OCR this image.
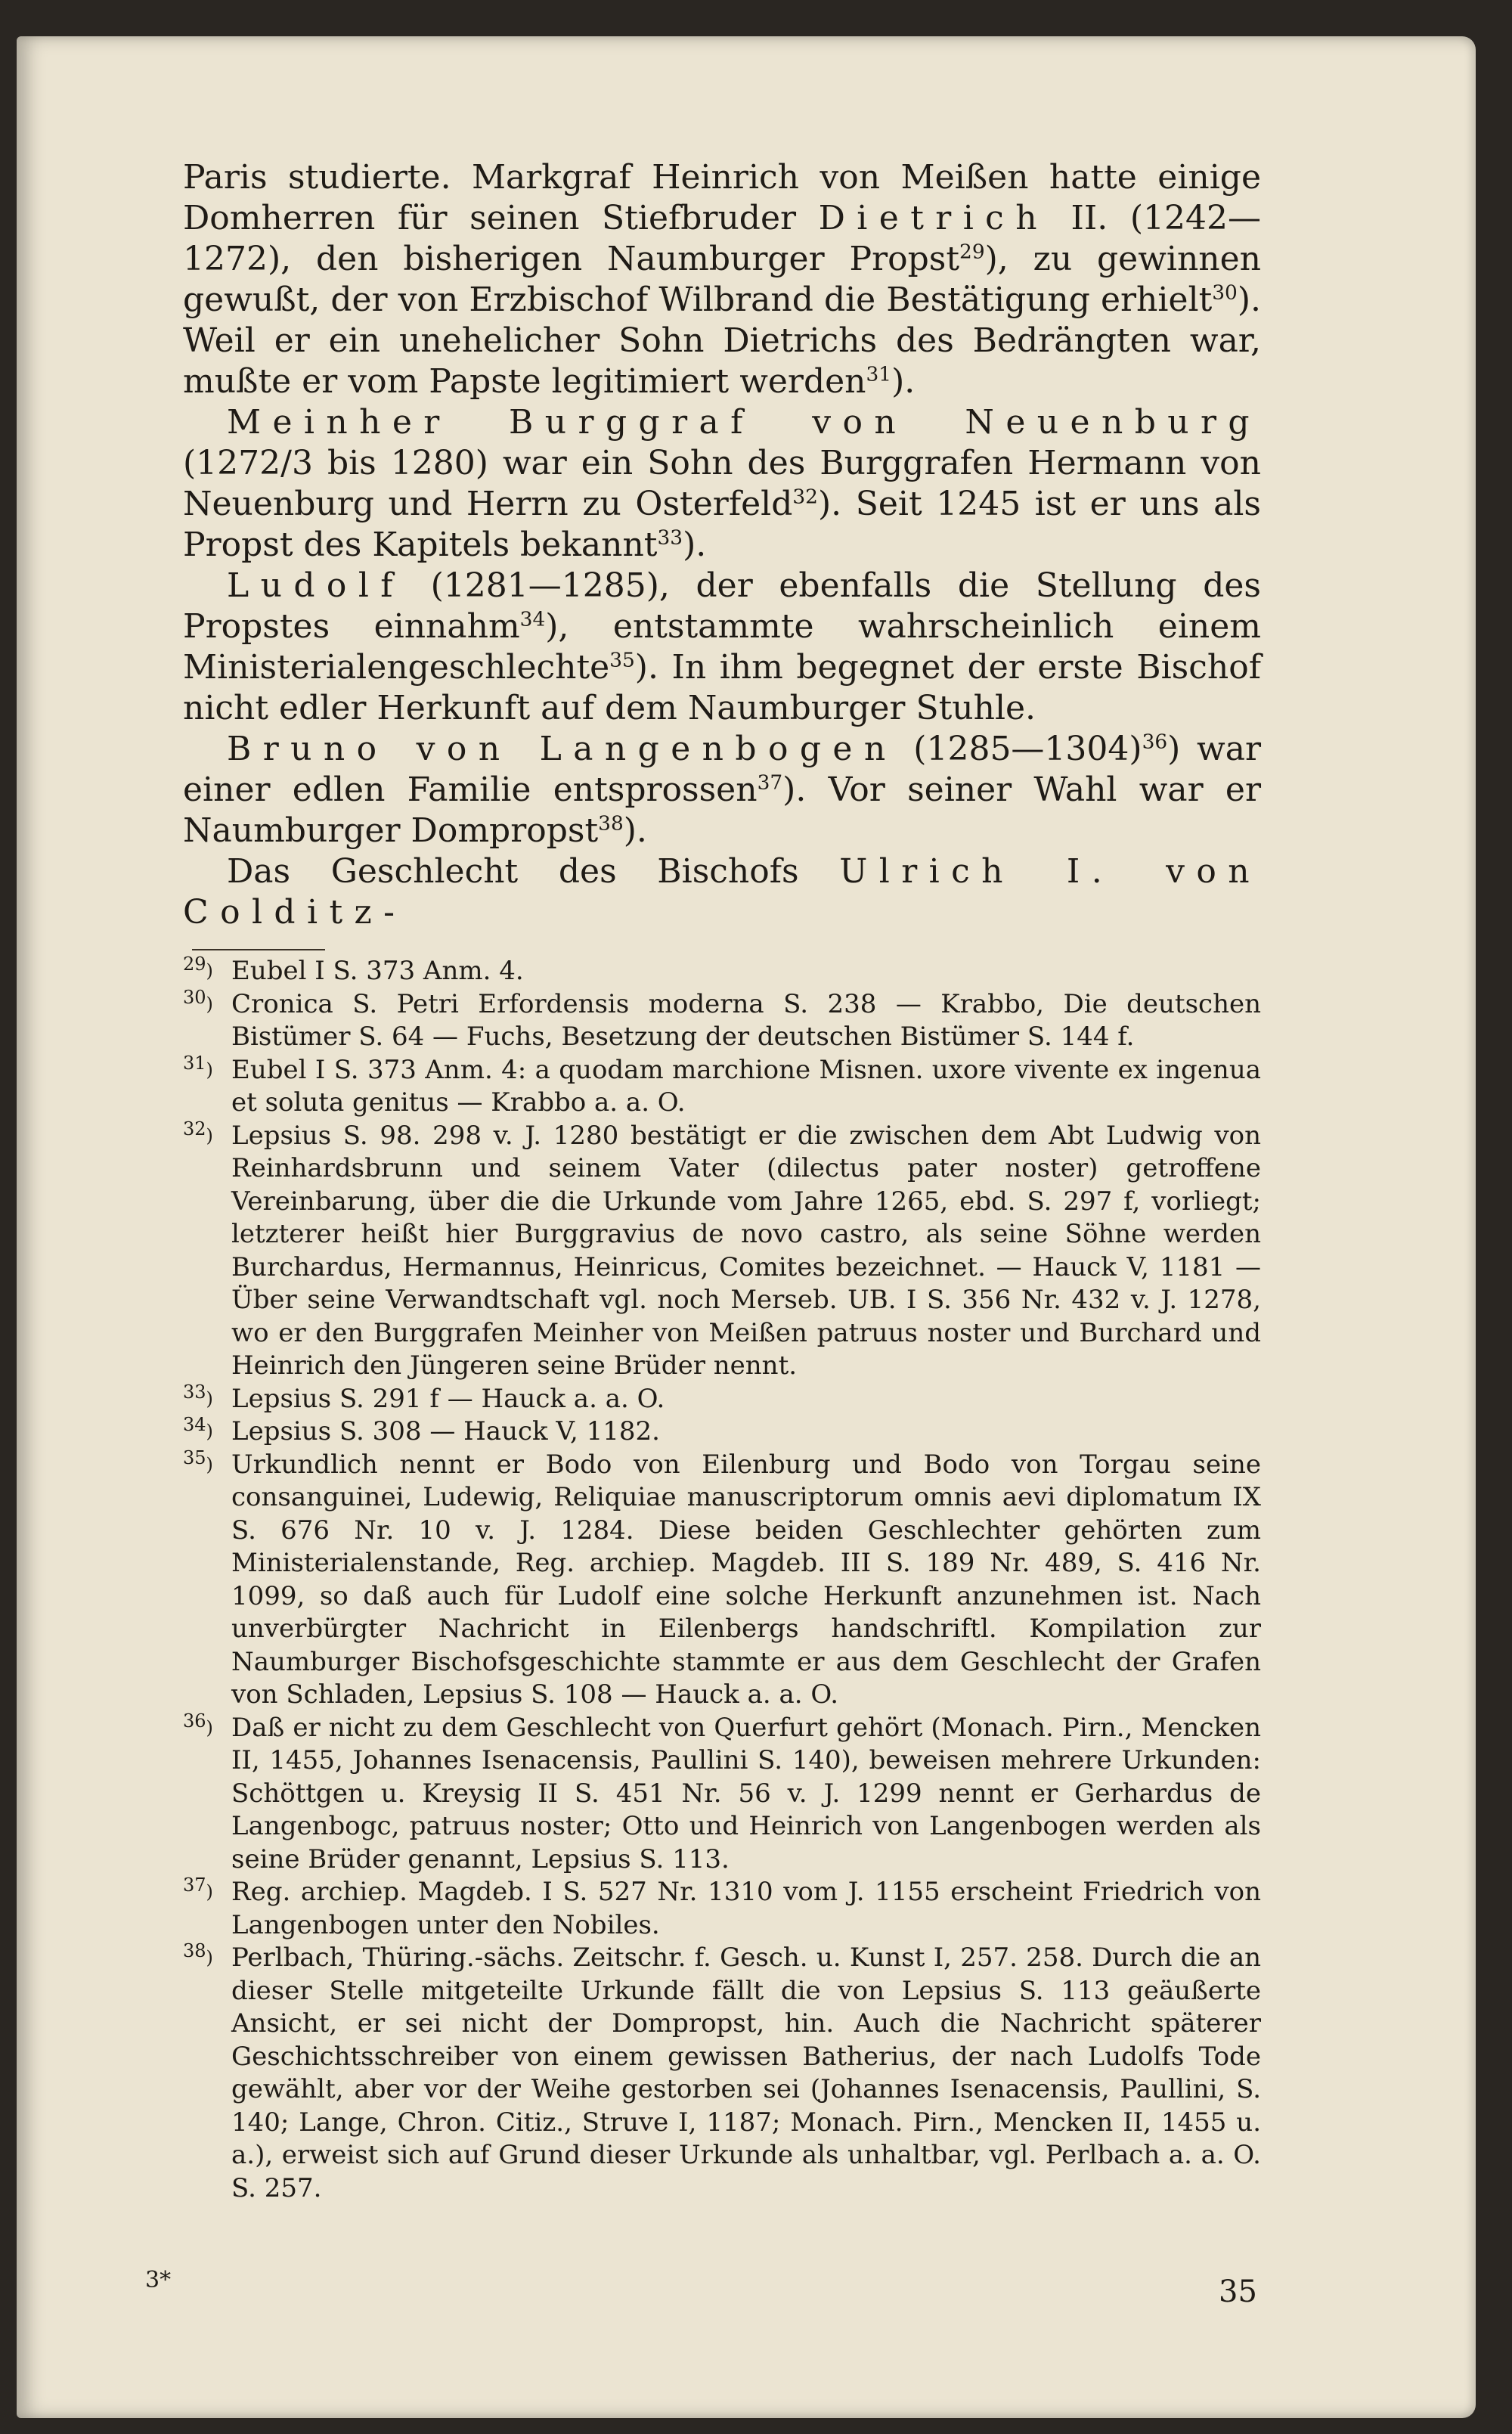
Paris studierte. Markgraf Heinrich von Meißen hatte einige Domherren für seinen Stiefbruder Dietrich II. (1242—1272), den bisherigen Naumburger Propst$^{29}$), zu gewinnen gewußt, der von Erzbischof Wilbrand die Bestätigung erhielt$^{30}$). Weil er ein unehelicher Sohn Dietrichs des Bedrängten war, mußte er vom Papste legitimiert werden$^{31}$).

Meinher Burggraf von Neuenburg (1272/3 bis 1280) war ein Sohn des Burggrafen Hermann von Neuenburg und Herrn zu Osterfeld$^{32}$). Seit 1245 ist er uns als Propst des Kapitels bekannt$^{33}$).

Ludolf (1281—1285), der ebenfalls die Stellung des Propstes einnahm$^{34}$), entstammte wahrscheinlich einem Ministerialengeschlechte$^{35}$). In ihm begegnet der erste Bischof nicht edler Herkunft auf dem Naumburger Stuhle.

Bruno von Langenbogen (1285—1304)$^{36}$) war einer edlen Familie entsprossen$^{37}$). Vor seiner Wahl war er Naumburger Dompropst$^{38}$).

Das Geschlecht des Bischofs Ulrich I. von Colditz-

$^{29}$) Eubel I S. 373 Anm. 4.
$^{30}$) Cronica S. Petri Erfordensis moderna S. 238 — Krabbo, Die deutschen Bistümer S. 64 — Fuchs, Besetzung der deutschen Bistümer S. 144 f.
$^{31}$) Eubel I S. 373 Anm. 4: a quodam marchione Misnen. uxore vivente ex ingenua et soluta genitus — Krabbo a. a. O.
$^{32}$) Lepsius S. 98. 298 v. J. 1280 bestätigt er die zwischen dem Abt Ludwig von Reinhardsbrunn und seinem Vater (dilectus pater noster) getroffene Vereinbarung, über die die Urkunde vom Jahre 1265, ebd. S. 297 f, vorliegt; letzterer heißt hier Burggravius de novo castro, als seine Söhne werden Burchardus, Hermannus, Heinricus, Comites bezeichnet. — Hauck V, 1181 — Über seine Verwandtschaft vgl. noch Merseb. UB. I S. 356 Nr. 432 v. J. 1278, wo er den Burggrafen Meinher von Meißen patruus noster und Burchard und Heinrich den Jüngeren seine Brüder nennt.
$^{33}$) Lepsius S. 291 f — Hauck a. a. O.
$^{34}$) Lepsius S. 308 — Hauck V, 1182.
$^{35}$) Urkundlich nennt er Bodo von Eilenburg und Bodo von Torgau seine consanguinei, Ludewig, Reliquiae manuscriptorum omnis aevi diplomatum IX S. 676 Nr. 10 v. J. 1284. Diese beiden Geschlechter gehörten zum Ministerialenstande, Reg. archiep. Magdeb. III S. 189 Nr. 489, S. 416 Nr. 1099, so daß auch für Ludolf eine solche Herkunft anzunehmen ist. Nach unverbürgter Nachricht in Eilenbergs handschriftl. Kompilation zur Naumburger Bischofsgeschichte stammte er aus dem Geschlecht der Grafen von Schladen, Lepsius S. 108 — Hauck a. a. O.
$^{36}$) Daß er nicht zu dem Geschlecht von Querfurt gehört (Monach. Pirn., Mencken II, 1455, Johannes Isenacensis, Paullini S. 140), beweisen mehrere Urkunden: Schöttgen u. Kreysig II S. 451 Nr. 56 v. J. 1299 nennt er Gerhardus de Langenbogc, patruus noster; Otto und Heinrich von Langenbogen werden als seine Brüder genannt, Lepsius S. 113.
$^{37}$) Reg. archiep. Magdeb. I S. 527 Nr. 1310 vom J. 1155 erscheint Friedrich von Langenbogen unter den Nobiles.
$^{38}$) Perlbach, Thüring.-sächs. Zeitschr. f. Gesch. u. Kunst I, 257. 258. Durch die an dieser Stelle mitgeteilte Urkunde fällt die von Lepsius S. 113 geäußerte Ansicht, er sei nicht der Dompropst, hin. Auch die Nachricht späterer Geschichtsschreiber von einem gewissen Batherius, der nach Ludolfs Tode gewählt, aber vor der Weihe gestorben sei (Johannes Isenacensis, Paullini, S. 140; Lange, Chron. Citiz., Struve I, 1187; Monach. Pirn., Mencken II, 1455 u. a.), erweist sich auf Grund dieser Urkunde als unhaltbar, vgl. Perlbach a. a. O. S. 257.
3*	35
